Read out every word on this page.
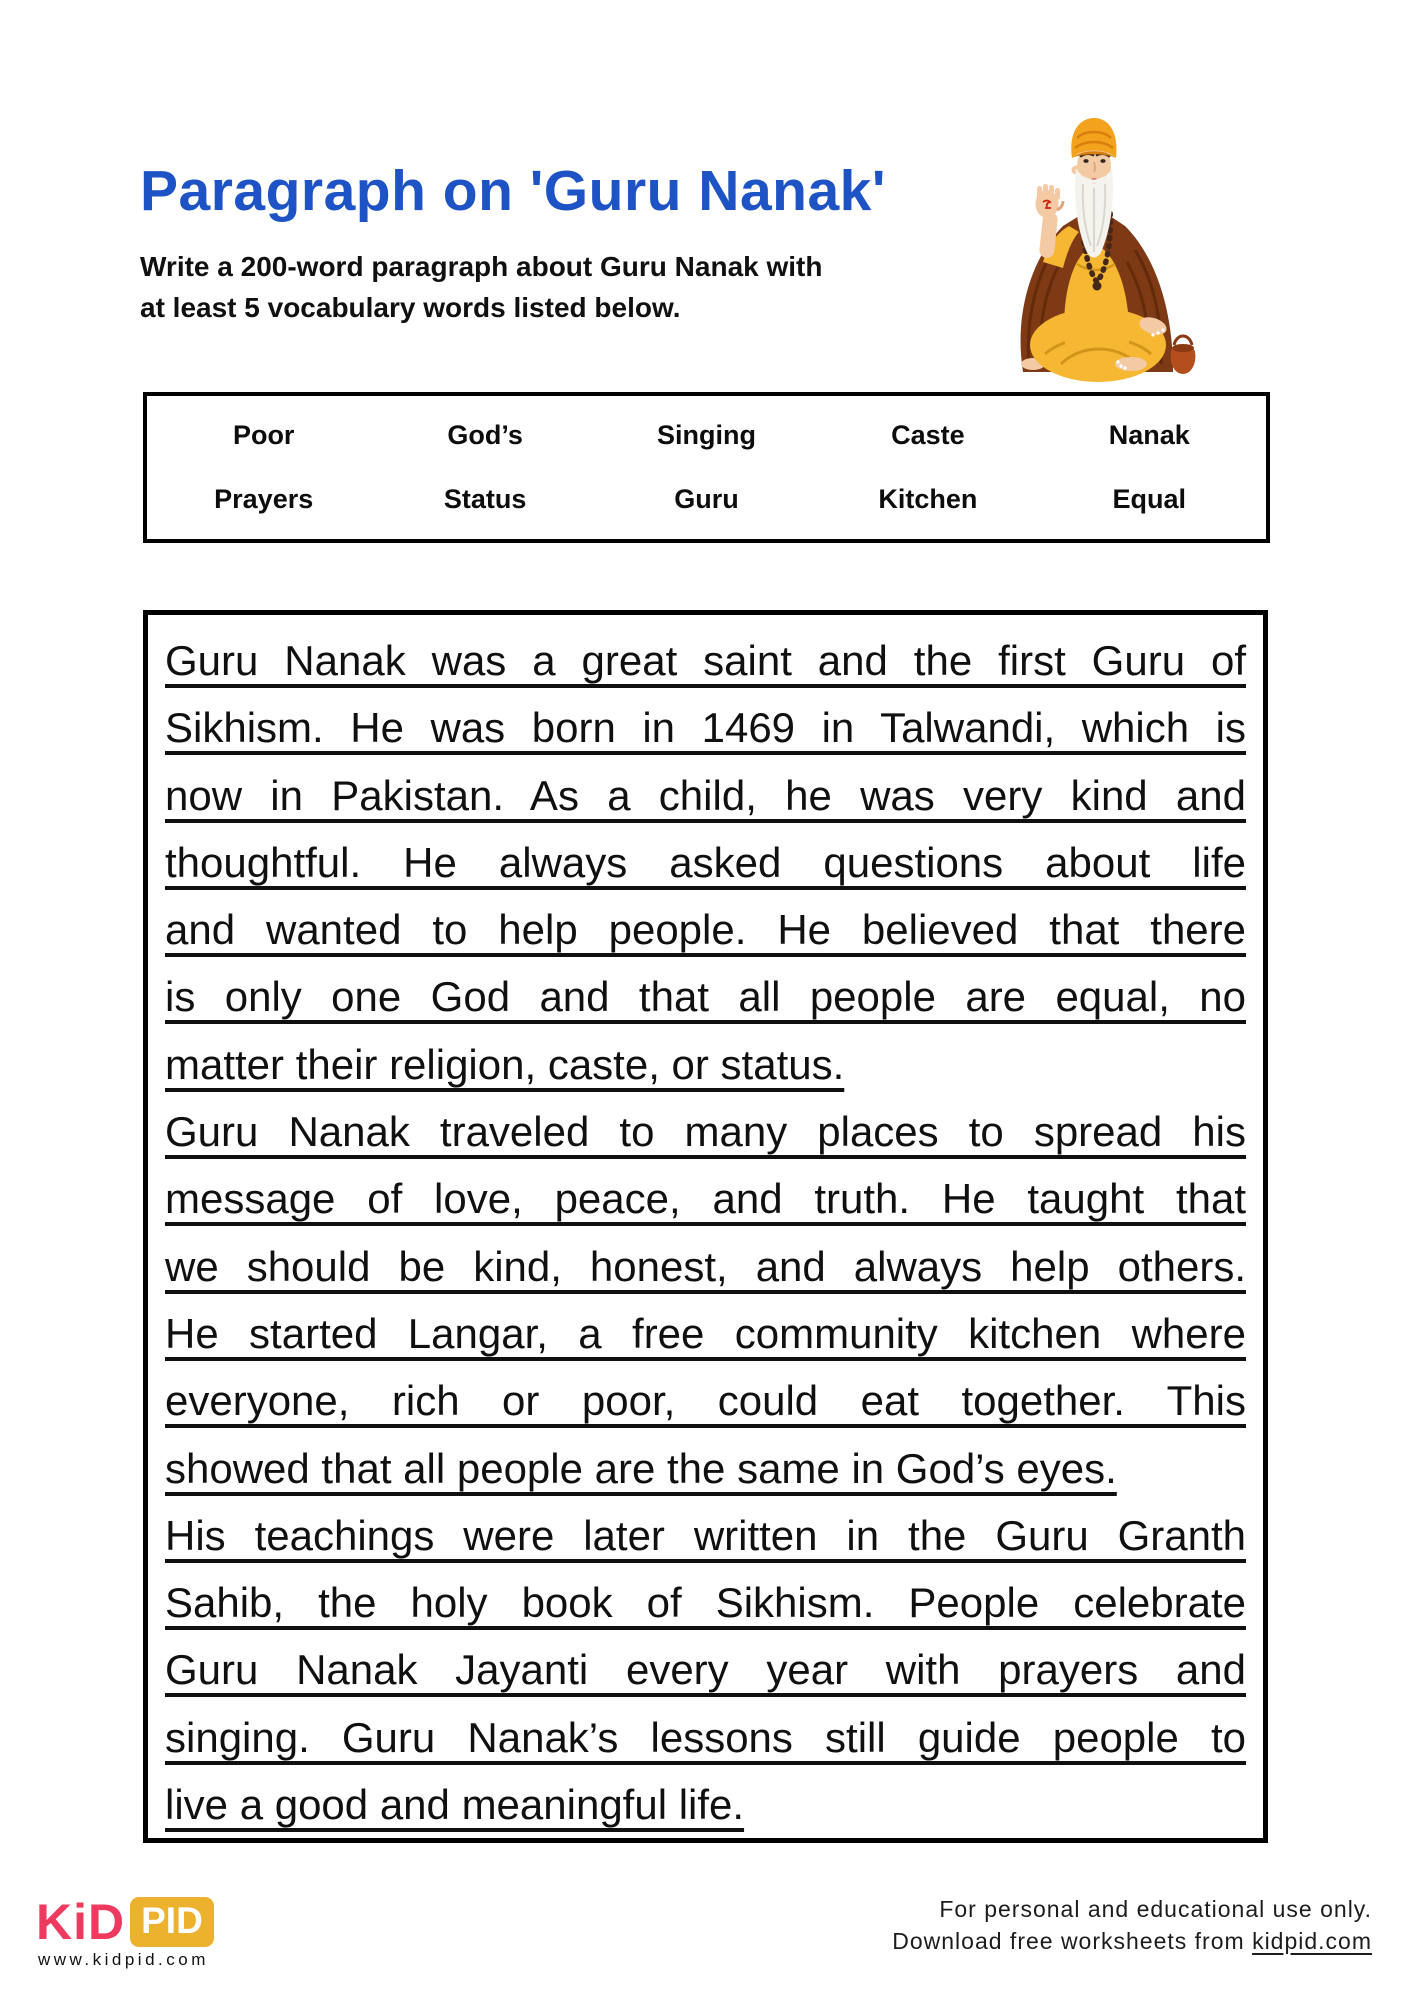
Paragraph on 'Guru Nanak'
Write a 200-word paragraph about Guru Nanak with
at least 5 vocabulary words listed below.
Poor	God’s	Singing	Caste	Nanak
Prayers	Status	Guru	Kitchen	Equal
Guru Nanak was a great saint and the first Guru of
Sikhism. He was born in 1469 in Talwandi, which is
now in Pakistan. As a child, he was very kind and
thoughtful. He always asked questions about life
and wanted to help people. He believed that there
is only one God and that all people are equal, no
matter their religion, caste, or status.
Guru Nanak traveled to many places to spread his
message of love, peace, and truth. He taught that
we should be kind, honest, and always help others.
He started Langar, a free community kitchen where
everyone, rich or poor, could eat together. This
showed that all people are the same in God’s eyes.
His teachings were later written in the Guru Granth
Sahib, the holy book of Sikhism. People celebrate
Guru Nanak Jayanti every year with prayers and
singing. Guru Nanak’s lessons still guide people to
live a good and meaningful life.
KiD PID
www.kidpid.com
For personal and educational use only.
Download free worksheets from kidpid.com
